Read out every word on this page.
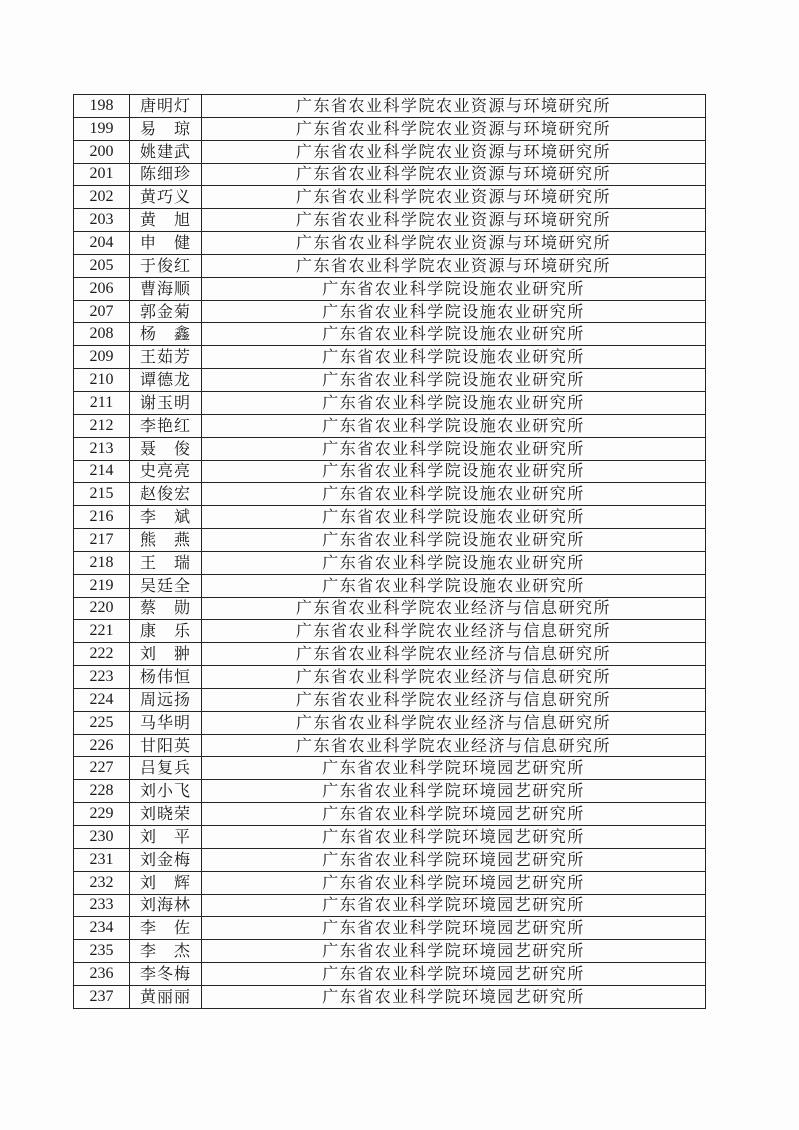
198	唐明灯	广东省农业科学院农业资源与环境研究所
199	易　琼	广东省农业科学院农业资源与环境研究所
200	姚建武	广东省农业科学院农业资源与环境研究所
201	陈细珍	广东省农业科学院农业资源与环境研究所
202	黄巧义	广东省农业科学院农业资源与环境研究所
203	黄　旭	广东省农业科学院农业资源与环境研究所
204	申　健	广东省农业科学院农业资源与环境研究所
205	于俊红	广东省农业科学院农业资源与环境研究所
206	曹海顺	广东省农业科学院设施农业研究所
207	郭金菊	广东省农业科学院设施农业研究所
208	杨　鑫	广东省农业科学院设施农业研究所
209	王茹芳	广东省农业科学院设施农业研究所
210	谭德龙	广东省农业科学院设施农业研究所
211	谢玉明	广东省农业科学院设施农业研究所
212	李艳红	广东省农业科学院设施农业研究所
213	聂　俊	广东省农业科学院设施农业研究所
214	史亮亮	广东省农业科学院设施农业研究所
215	赵俊宏	广东省农业科学院设施农业研究所
216	李　斌	广东省农业科学院设施农业研究所
217	熊　燕	广东省农业科学院设施农业研究所
218	王　瑞	广东省农业科学院设施农业研究所
219	吴廷全	广东省农业科学院设施农业研究所
220	蔡　勋	广东省农业科学院农业经济与信息研究所
221	康　乐	广东省农业科学院农业经济与信息研究所
222	刘　翀	广东省农业科学院农业经济与信息研究所
223	杨伟恒	广东省农业科学院农业经济与信息研究所
224	周远扬	广东省农业科学院农业经济与信息研究所
225	马华明	广东省农业科学院农业经济与信息研究所
226	甘阳英	广东省农业科学院农业经济与信息研究所
227	吕复兵	广东省农业科学院环境园艺研究所
228	刘小飞	广东省农业科学院环境园艺研究所
229	刘晓荣	广东省农业科学院环境园艺研究所
230	刘　平	广东省农业科学院环境园艺研究所
231	刘金梅	广东省农业科学院环境园艺研究所
232	刘　辉	广东省农业科学院环境园艺研究所
233	刘海林	广东省农业科学院环境园艺研究所
234	李　佐	广东省农业科学院环境园艺研究所
235	李　杰	广东省农业科学院环境园艺研究所
236	李冬梅	广东省农业科学院环境园艺研究所
237	黄丽丽	广东省农业科学院环境园艺研究所
